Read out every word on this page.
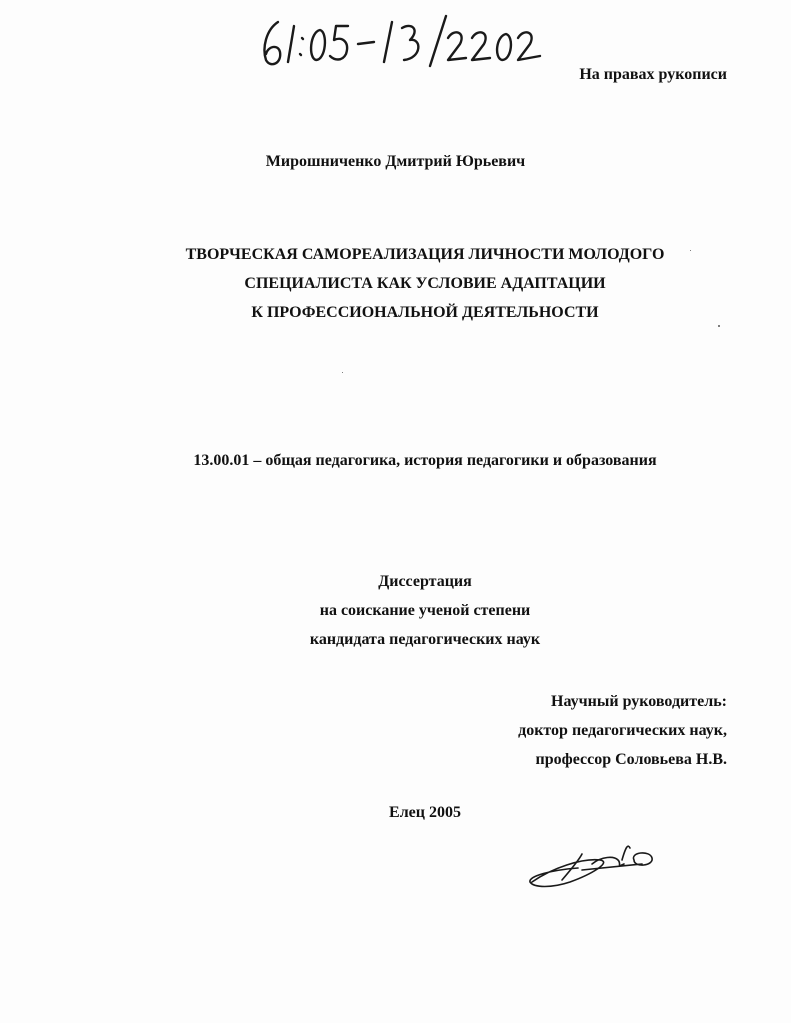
На правах рукописи
Мирошниченко Дмитрий Юрьевич
ТВОРЧЕСКАЯ САМОРЕАЛИЗАЦИЯ ЛИЧНОСТИ МОЛОДОГО
СПЕЦИАЛИСТА КАК УСЛОВИЕ АДАПТАЦИИ
К ПРОФЕССИОНАЛЬНОЙ ДЕЯТЕЛЬНОСТИ
13.00.01 – общая педагогика, история педагогики и образования
Диссертация
на соискание ученой степени
кандидата педагогических наук
Научный руководитель:
доктор педагогических наук,
профессор Соловьева Н.В.
Елец 2005
